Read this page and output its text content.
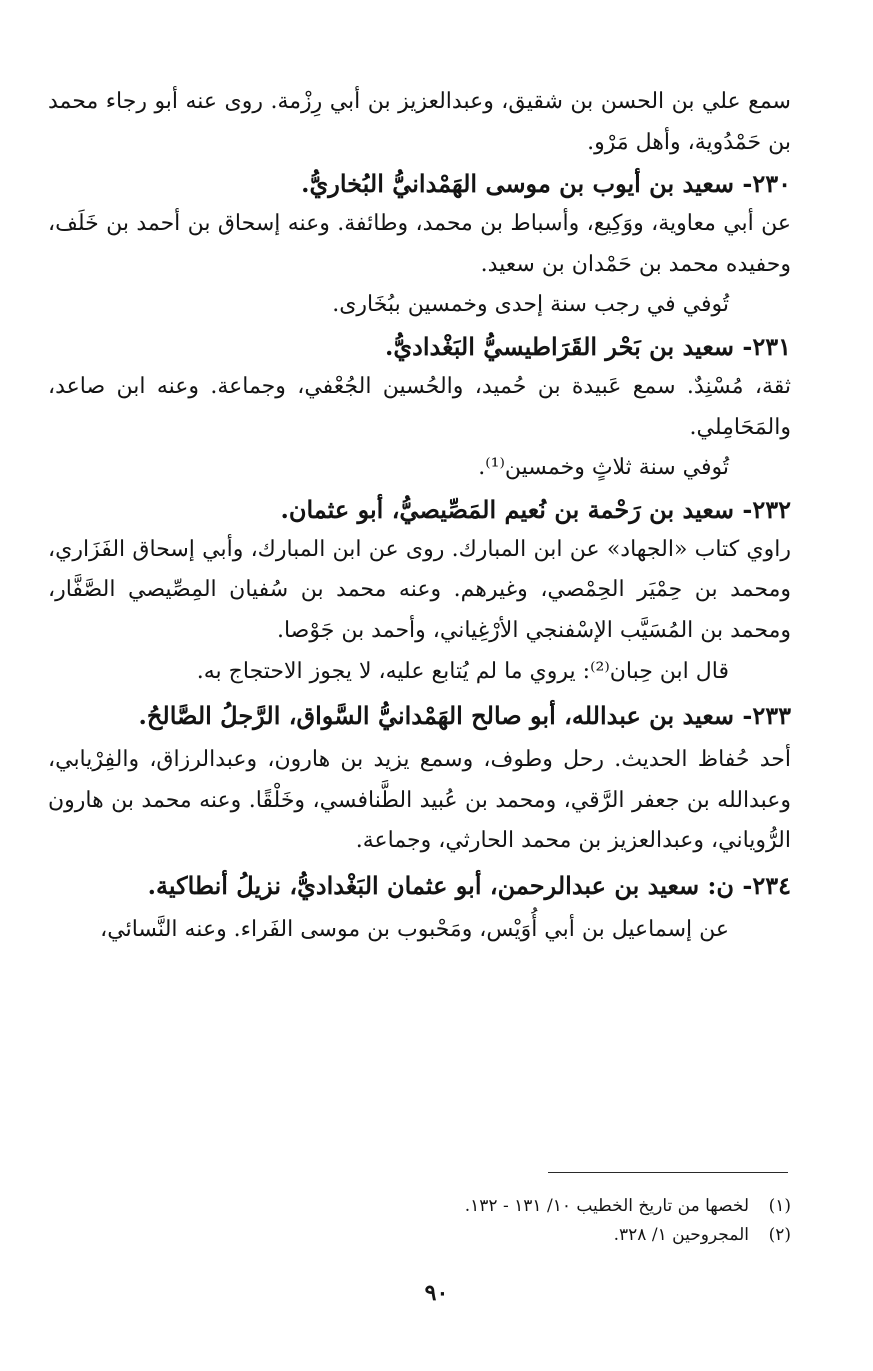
سمع علي بن الحسن بن شقيق، وعبدالعزيز بن أبي رِزْمة. روى عنه أبو رجاء محمد بن حَمْدُوية، وأهل مَرْو.

٢٣٠- سعيد بن أيوب بن موسى الهَمْدانيُّ البُخاريُّ.

عن أبي معاوية، ووَكِيع، وأسباط بن محمد، وطائفة. وعنه إسحاق بن أحمد بن خَلَف، وحفيده محمد بن حَمْدان بن سعيد.

تُوفي في رجب سنة إحدى وخمسين ببُخَارى.

٢٣١- سعيد بن بَحْر القَرَاطيسيُّ البَغْداديُّ.

ثقة، مُسْنِدٌ. سمع عَبيدة بن حُميد، والحُسين الجُعْفي، وجماعة. وعنه ابن صاعد، والمَحَامِلي.

تُوفي سنة ثلاثٍ وخمسين⁽¹⁾.

٢٣٢- سعيد بن رَحْمة بن نُعيم المَصِّيصيُّ، أبو عثمان.

راوي كتاب «الجهاد» عن ابن المبارك. روى عن ابن المبارك، وأبي إسحاق الفَزَاري، ومحمد بن حِمْيَر الحِمْصي، وغيرهم. وعنه محمد بن سُفيان المِصِّيصي الصَّفَّار، ومحمد بن المُسَيَّب الإسْفنجي الأرْغِياني، وأحمد بن جَوْصا.

قال ابن حِبان⁽²⁾: يروي ما لم يُتابع عليه، لا يجوز الاحتجاج به.

٢٣٣- سعيد بن عبدالله، أبو صالح الهَمْدانيُّ السَّواق، الرَّجلُ الصَّالحُ.

أحد حُفاظ الحديث. رحل وطوف، وسمع يزيد بن هارون، وعبدالرزاق، والفِرْيابي، وعبدالله بن جعفر الرَّقي، ومحمد بن عُبيد الطَّنافسي، وخَلْقًا. وعنه محمد بن هارون الرُّوياني، وعبدالعزيز بن محمد الحارثي، وجماعة.

٢٣٤- ن: سعيد بن عبدالرحمن، أبو عثمان البَغْداديُّ، نزيلُ أنطاكية.

عن إسماعيل بن أبي أُوَيْس، ومَحْبوب بن موسى الفَراء. وعنه النَّسائي،

(١)لخصها من تاريخ الخطيب ١٠/ ١٣١ - ١٣٢.

(٢)المجروحين ١/ ٣٢٨.

٩٠
